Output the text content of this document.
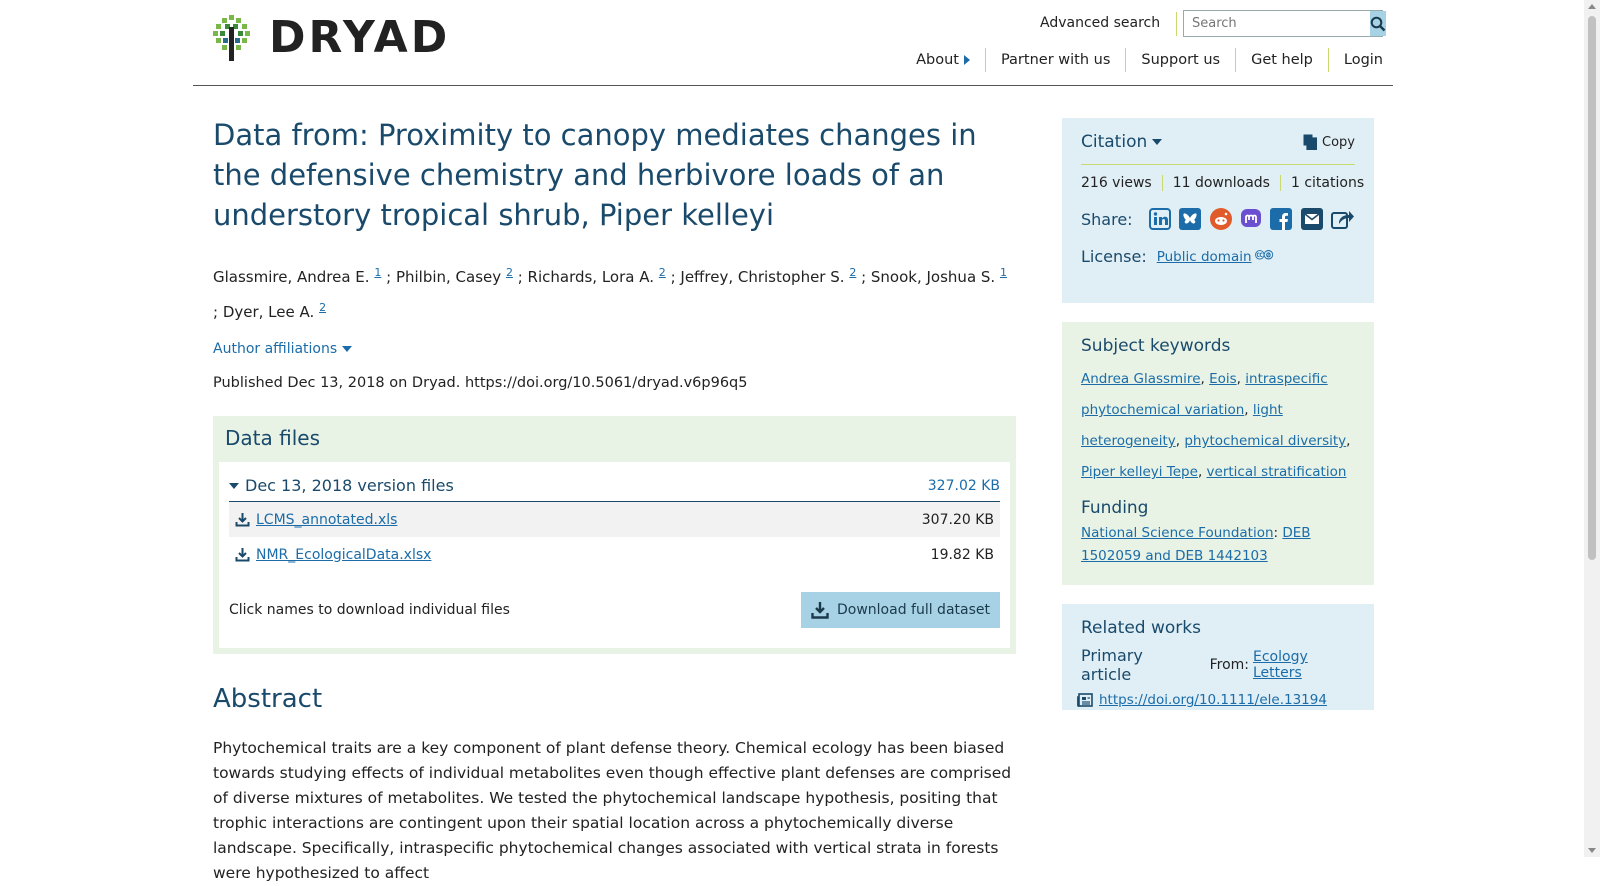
DRYAD	Advanced search
Search
About	Partner with us	Support us	Get help	Login
Data from: Proximity to canopy mediates changes in the defensive chemistry and herbivore loads of an understory tropical shrub, Piper kelleyi
Glassmire, Andrea E. $^1$ ; Philbin, Casey $^2$ ; Richards, Lora A. $^2$ ; Jeffrey, Christopher S. $^2$ ; Snook, Joshua S. $^1$ ; Dyer, Lee A. $^2$
Author affiliations
Published Dec 13, 2018 on Dryad. https://doi.org/10.5061/dryad.v6p96q5
Data files
Dec 13, 2018 version files	327.02 KB
LCMS_annotated.xls	307.20 KB
NMR_EcologicalData.xlsx	19.82 KB
Click names to download individual files	Download full dataset
Abstract
Phytochemical traits are a key component of plant defense theory. Chemical ecology has been biased towards studying effects of individual metabolites even though effective plant defenses are comprised of diverse mixtures of metabolites. We tested the phytochemical landscape hypothesis, positing that trophic interactions are contingent upon their spatial location across a phytochemically diverse landscape. Specifically, intraspecific phytochemical changes associated with vertical strata in forests were hypothesized to affect
Citation	Copy
216 views	11 downloads	1 citations
Share:
License: Public domain 🅭🄍
Subject keywords
Andrea Glassmire, Eois, intraspecific phytochemical variation, light heterogeneity, phytochemical diversity, Piper kelleyi Tepe, vertical stratification
Funding
National Science Foundation: DEB 1502059 and DEB 1442103
Related works
Primary article	From: Ecology Letters
https://doi.org/10.1111/ele.13194
